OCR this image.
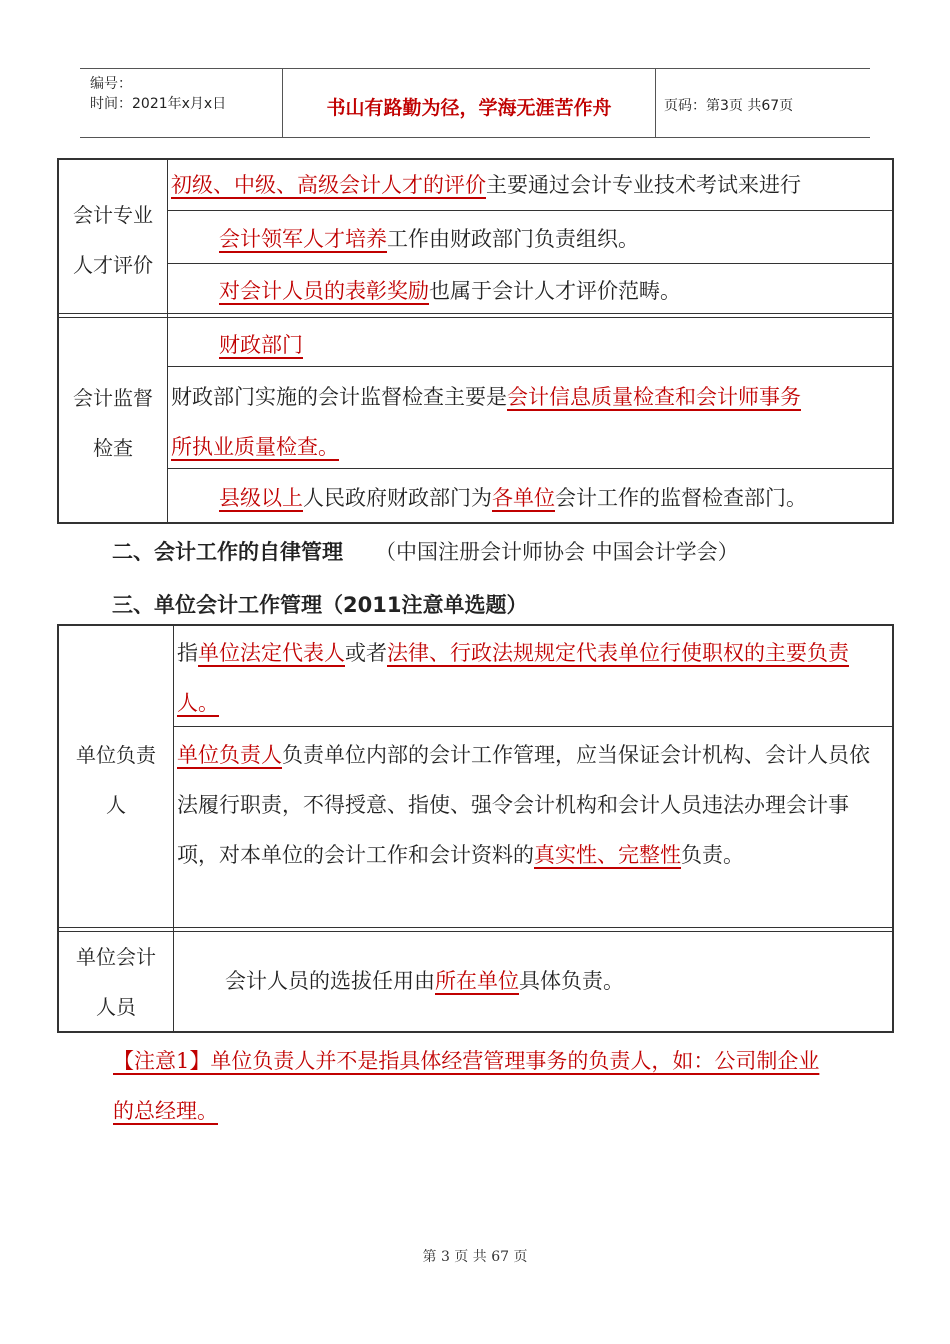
编号：
时间：2021年x月x日	书山有路勤为径，学海无涯苦作舟	页码：第3页 共67页
会计专业
人才评价
初级、中级、高级会计人才的评价主要通过会计专业技术考试来进行
会计领军人才培养工作由财政部门负责组织。
对会计人员的表彰奖励也属于会计人才评价范畴。
会计监督
检查
财政部门
财政部门实施的会计监督检查主要是会计信息质量检查和会计师事务
所执业质量检查。
县级以上人民政府财政部门为各单位会计工作的监督检查部门。
二、会计工作的自律管理 （中国注册会计师协会 中国会计学会）
三、单位会计工作管理（2011注意单选题）
单位负责
人
指单位法定代表人或者法律、行政法规规定代表单位行使职权的主要负责人。
单位负责人负责单位内部的会计工作管理，应当保证会计机构、会计人员依法履行职责，不得授意、指使、强令会计机构和会计人员违法办理会计事项，对本单位的会计工作和会计资料的真实性、完整性负责。
单位会计
人员
会计人员的选拔任用由所在单位具体负责。
【注意1】单位负责人并不是指具体经营管理事务的负责人，如：公司制企业的总经理。
第 3 页 共 67 页
